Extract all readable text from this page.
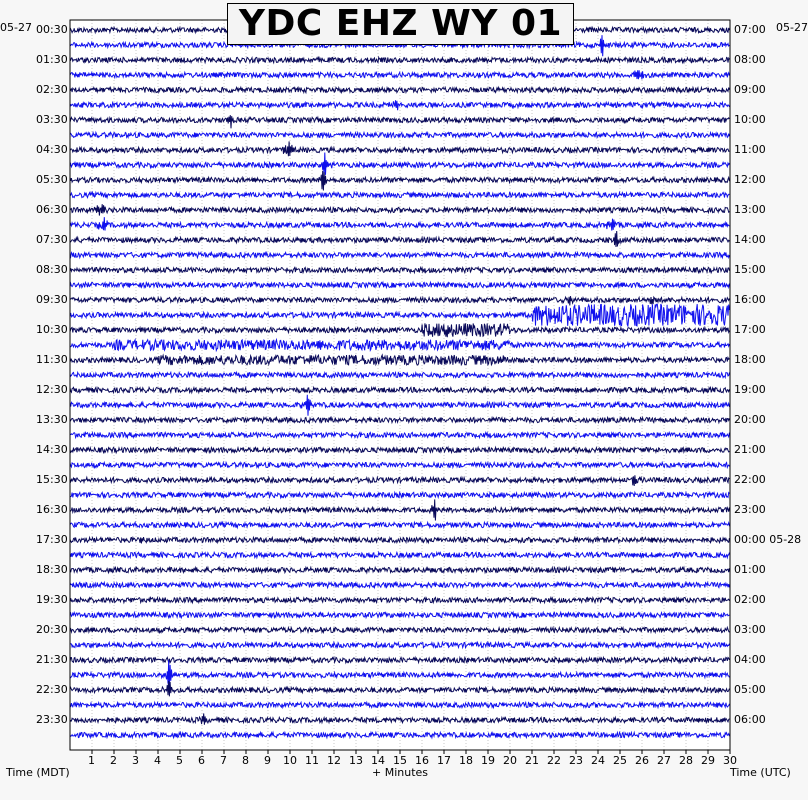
YDC EHZ WY 01
05-27	05-27
00:30
01:30
02:30
03:30
04:30
05:30
06:30
07:30
08:30
09:30
10:30
11:30
12:30
13:30
14:30
15:30
16:30
17:30
18:30
19:30
20:30
21:30
22:30
23:30
07:00
08:00
09:00
10:00
11:00
12:00
13:00
14:00
15:00
16:00
17:00
18:00
19:00
20:00
21:00
22:00
23:00
00:00 05-28
01:00
02:00
03:00
04:00
05:00
06:00
1 2 3 4 5 6 7 8 9 10 11 12 13 14 15 16 17 18 19 20 21 22 23 24 25 26 27 28 29 30
Time (MDT)	+ Minutes	Time (UTC)
